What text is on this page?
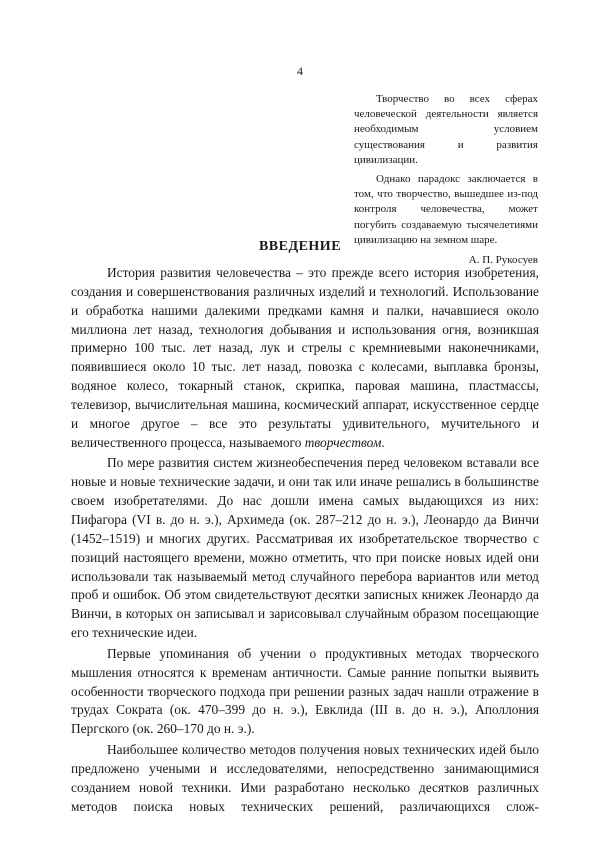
4

Творчество во всех сферах человеческой деятельности является необходимым условием существования и развития цивилизации.

Однако парадокс заключается в том, что творчество, вышедшее из-под контроля человечества, может погубить создаваемую тысячелетиями цивилизацию на земном шаре.

А. П. Рукосуев

ВВЕДЕНИЕ

История развития человечества – это прежде всего история изобретения, создания и совершенствования различных изделий и технологий. Использование и обработка нашими далекими предками камня и палки, начавшиеся около миллиона лет назад, технология добывания и использования огня, возникшая примерно 100 тыс. лет назад, лук и стрелы с кремниевыми наконечниками, появившиеся около 10 тыс. лет назад, повозка с колесами, выплавка бронзы, водяное колесо, токарный станок, скрипка, паровая машина, пластмассы, телевизор, вычислительная машина, космический аппарат, искусственное сердце и многое другое – все это результаты удивительного, мучительного и величественного процесса, называемого творчеством.

По мере развития систем жизнеобеспечения перед человеком вставали все новые и новые технические задачи, и они так или иначе решались в большинстве своем изобретателями. До нас дошли имена самых выдающихся из них: Пифагора (VI в. до н. э.), Архимеда (ок. 287–212 до н. э.), Леонардо да Винчи (1452–1519) и многих других. Рассматривая их изобретательское творчество с позиций настоящего времени, можно отметить, что при поиске новых идей они использовали так называемый метод случайного перебора вариантов или метод проб и ошибок. Об этом свидетельствуют десятки записных книжек Леонардо да Винчи, в которых он записывал и зарисовывал случайным образом посещающие его технические идеи.

Первые упоминания об учении о продуктивных методах творческого мышления относятся к временам античности. Самые ранние попытки выявить особенности творческого подхода при решении разных задач нашли отражение в трудах Сократа (ок. 470–399 до н. э.), Евклида (III в. до н. э.), Аполлония Пергского (ок. 260–170 до н. э.).

Наибольшее количество методов получения новых технических идей было предложено учеными и исследователями, непосредственно занимающимися созданием новой техники. Ими разработано несколько десятков различных методов поиска новых технических решений, различающихся слож-
